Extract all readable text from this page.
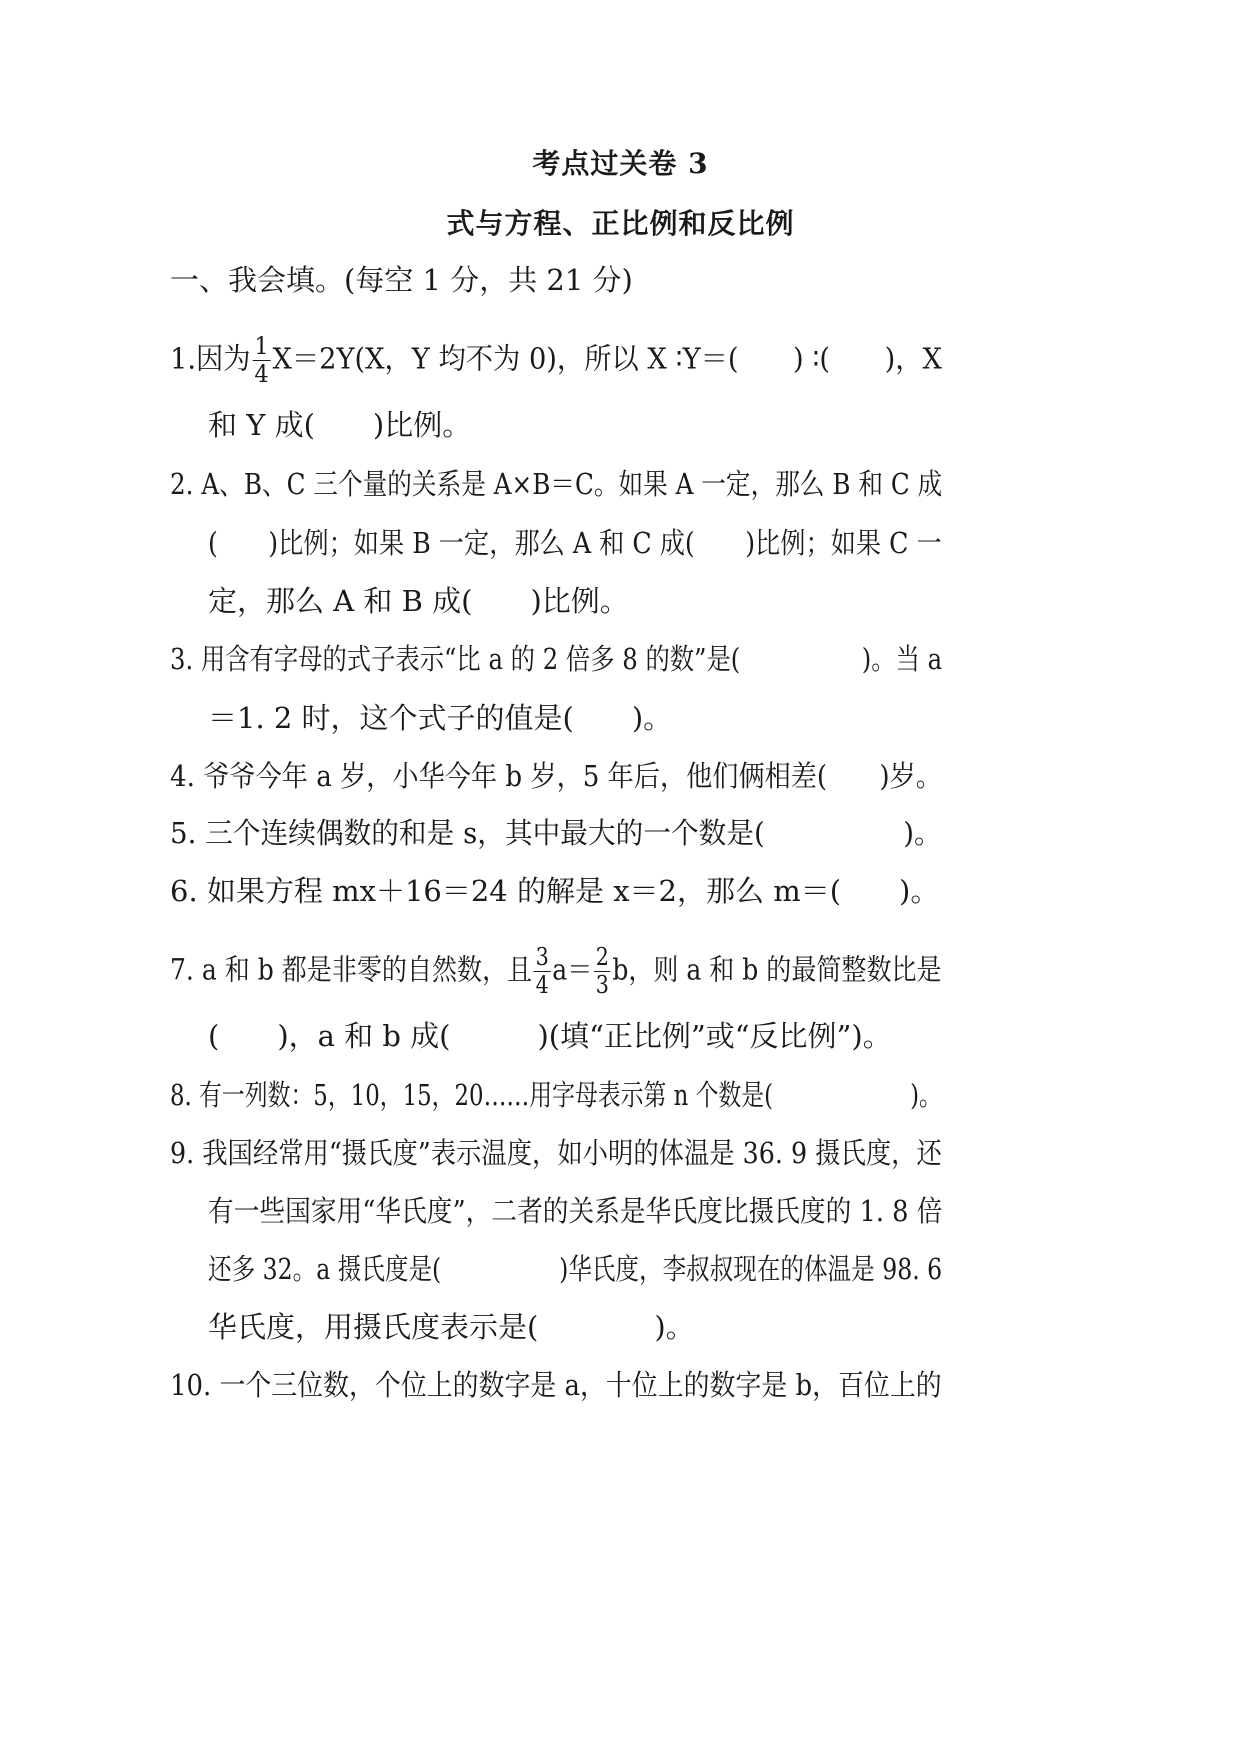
考点过关卷 3
式与方程、正比例和反比例
一、我会填。(每空 1 分，共 21 分)
1.因为 $\frac{1}{4} X=2Y(X$，Y 均不为 0)，所以 X ∶Y＝(　　) ∶(　　)，X
和 Y 成(　　)比例。
2. A、B、C 三个量的关系是 A×B＝C。如果 A 一定，那么 B 和 C 成
(　　)比例；如果 B 一定，那么 A 和 C 成(　　)比例；如果 C 一
定，那么 A 和 B 成(　　)比例。
3. 用含有字母的式子表示“比 a 的 2 倍多 8 的数”是(　　　　　)。当 a
＝1. 2 时，这个式子的值是(　　)。
4. 爷爷今年 a 岁，小华今年 b 岁，5 年后，他们俩相差(　　)岁。
5. 三个连续偶数的和是 s，其中最大的一个数是(　　　　　)。
6. 如果方程 mx＋16＝24 的解是 x＝2，那么 m＝(　　)。
7. a 和 b 都是非零的自然数，且 $\frac{3}{4} a= \frac{2}{3}$ b，则 a 和 b 的最简整数比是
(　　)，a 和 b 成(　　　)(填“正比例”或“反比例”)。
8. 有一列数：5，10，15，20……用字母表示第 n 个数是(　　　　　　)。
9. 我国经常用“摄氏度”表示温度，如小明的体温是 36. 9 摄氏度，还
有一些国家用“华氏度”，二者的关系是华氏度比摄氏度的 1. 8 倍
还多 32。a 摄氏度是(　　　　　)华氏度，李叔叔现在的体温是 98. 6
华氏度，用摄氏度表示是(　　　　)。
10. 一个三位数，个位上的数字是 a，十位上的数字是 b，百位上的
